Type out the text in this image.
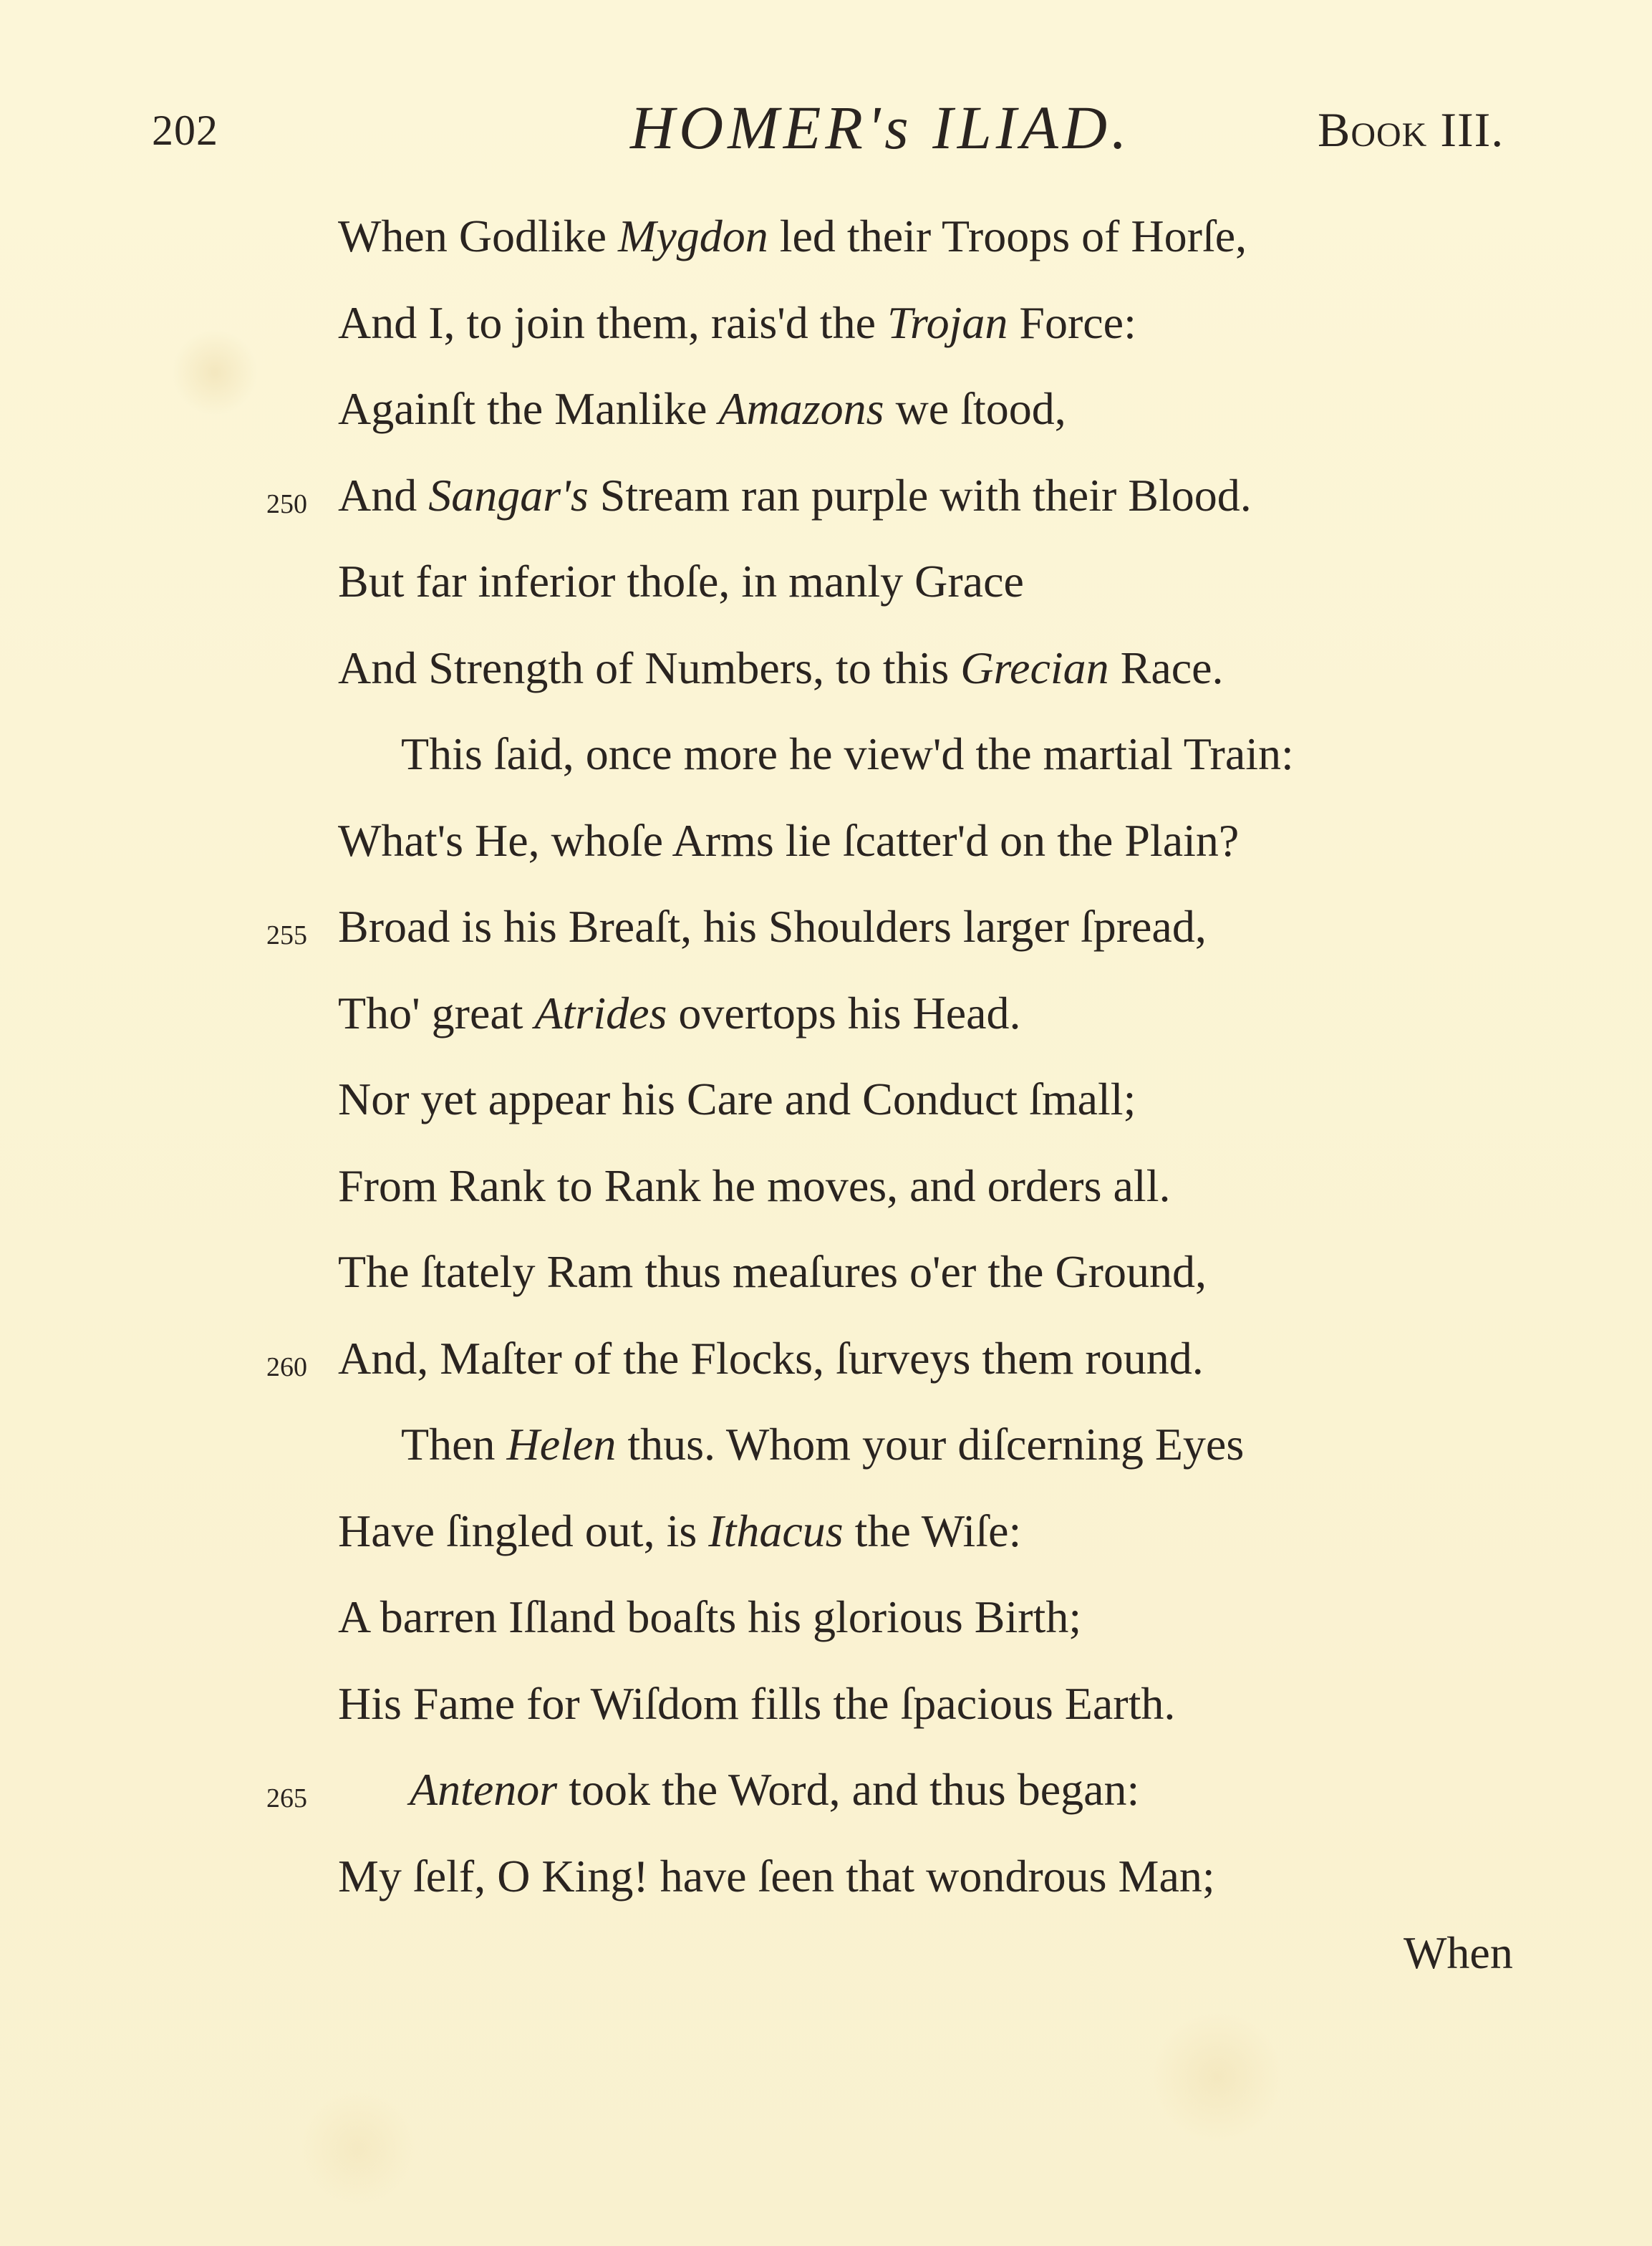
202	HOMER's ILIAD.	Book III.
When Godlike Mygdon led their Troops of Horſe,
And I, to join them, rais'd the Trojan Force:
Againſt the Manlike Amazons we ſtood,
250 And Sangar's Stream ran purple with their Blood.
But far inferior thoſe, in manly Grace
And Strength of Numbers, to this Grecian Race.
This ſaid, once more he view'd the martial Train:
What's He, whoſe Arms lie ſcatter'd on the Plain?
255 Broad is his Breaſt, his Shoulders larger ſpread,
Tho' great Atrides overtops his Head.
Nor yet appear his Care and Conduct ſmall;
From Rank to Rank he moves, and orders all.
The ſtately Ram thus meaſures o'er the Ground,
260 And, Maſter of the Flocks, ſurveys them round.
Then Helen thus. Whom your diſcerning Eyes
Have ſingled out, is Ithacus the Wiſe:
A barren Iſland boaſts his glorious Birth;
His Fame for Wiſdom fills the ſpacious Earth.
265 Antenor took the Word, and thus began:
My ſelf, O King! have ſeen that wondrous Man;
When
